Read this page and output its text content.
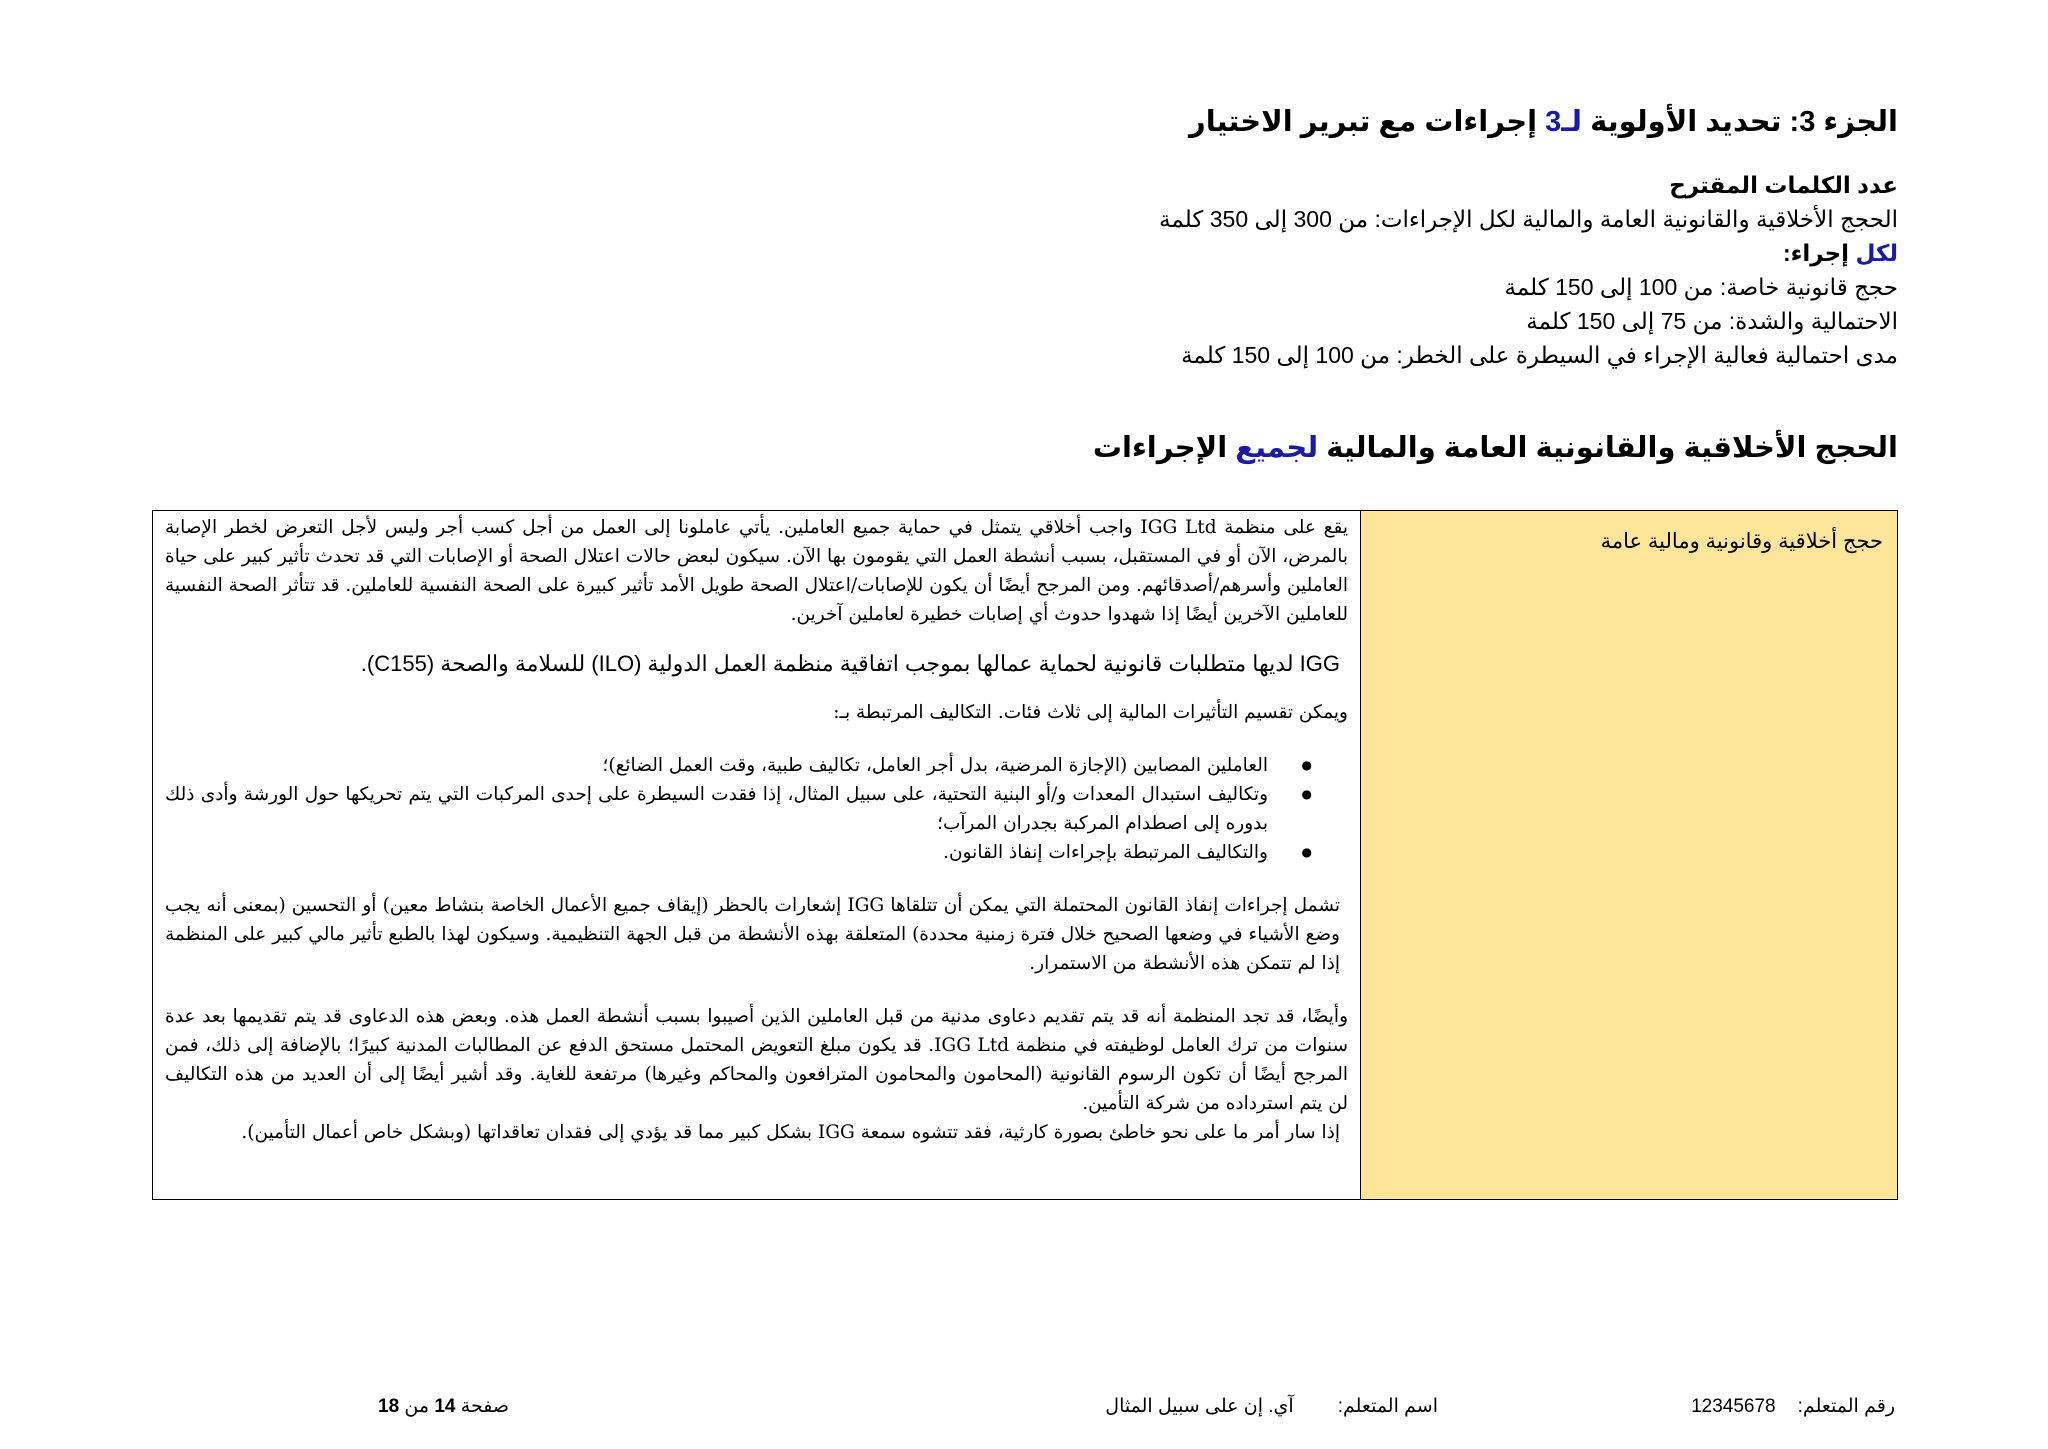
الجزء 3: تحديد الأولوية لـ3 إجراءات مع تبرير الاختيار
عدد الكلمات المقترح
الحجج الأخلاقية والقانونية العامة والمالية لكل الإجراءات: من 300 إلى 350 كلمة
لكل إجراء:
حجج قانونية خاصة: من 100 إلى 150 كلمة
الاحتمالية والشدة: من 75 إلى 150 كلمة
مدى احتمالية فعالية الإجراء في السيطرة على الخطر: من 100 إلى 150 كلمة
الحجج الأخلاقية والقانونية العامة والمالية لجميع الإجراءات
حجج أخلاقية وقانونية ومالية عامة	

يقع على منظمة IGG Ltd واجب أخلاقي يتمثل في حماية جميع العاملين. يأتي عاملونا إلى العمل من أجل كسب أجر وليس لأجل التعرض لخطر الإصابة بالمرض، الآن أو في المستقبل، بسبب أنشطة العمل التي يقومون بها الآن. سيكون لبعض حالات اعتلال الصحة أو الإصابات التي قد تحدث تأثير كبير على حياة العاملين وأسرهم/أصدقائهم. ومن المرجح أيضًا أن يكون للإصابات/اعتلال الصحة طويل الأمد تأثير كبيرة على الصحة النفسية للعاملين. قد تتأثر الصحة النفسية للعاملين الآخرين أيضًا إذا شهدوا حدوث أي إصابات خطيرة لعاملين آخرين.

IGG لديها متطلبات قانونية لحماية عمالها بموجب اتفاقية منظمة العمل الدولية (ILO) للسلامة والصحة (C155).

ويمكن تقسيم التأثيرات المالية إلى ثلاث فئات. التكاليف المرتبطة بـ:

● العاملين المصابين (الإجازة المرضية، بدل أجر العامل، تكاليف طبية، وقت العمل الضائع)؛
● وتكاليف استبدال المعدات و/أو البنية التحتية، على سبيل المثال، إذا فقدت السيطرة على إحدى المركبات التي يتم تحريكها حول الورشة وأدى ذلك بدوره إلى اصطدام المركبة بجدران المرآب؛
● والتكاليف المرتبطة بإجراءات إنفاذ القانون.

تشمل إجراءات إنفاذ القانون المحتملة التي يمكن أن تتلقاها IGG إشعارات بالحظر (إيقاف جميع الأعمال الخاصة بنشاط معين) أو التحسين (بمعنى أنه يجب وضع الأشياء في وضعها الصحيح خلال فترة زمنية محددة) المتعلقة بهذه الأنشطة من قبل الجهة التنظيمية. وسيكون لهذا بالطبع تأثير مالي كبير على المنظمة إذا لم تتمكن هذه الأنشطة من الاستمرار.

وأيضًا، قد تجد المنظمة أنه قد يتم تقديم دعاوى مدنية من قبل العاملين الذين أصيبوا بسبب أنشطة العمل هذه. وبعض هذه الدعاوى قد يتم تقديمها بعد عدة سنوات من ترك العامل لوظيفته في منظمة IGG Ltd. قد يكون مبلغ التعويض المحتمل مستحق الدفع عن المطالبات المدنية كبيرًا؛ بالإضافة إلى ذلك، فمن المرجح أيضًا أن تكون الرسوم القانونية (المحامون والمحامون المترافعون والمحاكم وغيرها) مرتفعة للغاية. وقد أشير أيضًا إلى أن العديد من هذه التكاليف لن يتم استرداده من شركة التأمين.

إذا سار أمر ما على نحو خاطئ بصورة كارثية، فقد تتشوه سمعة IGG بشكل كبير مما قد يؤدي إلى فقدان تعاقداتها (وبشكل خاص أعمال التأمين).

رقم المتعلم:12345678
اسم المتعلم:آي. إن على سبيل المثال
صفحة 14 من 18
